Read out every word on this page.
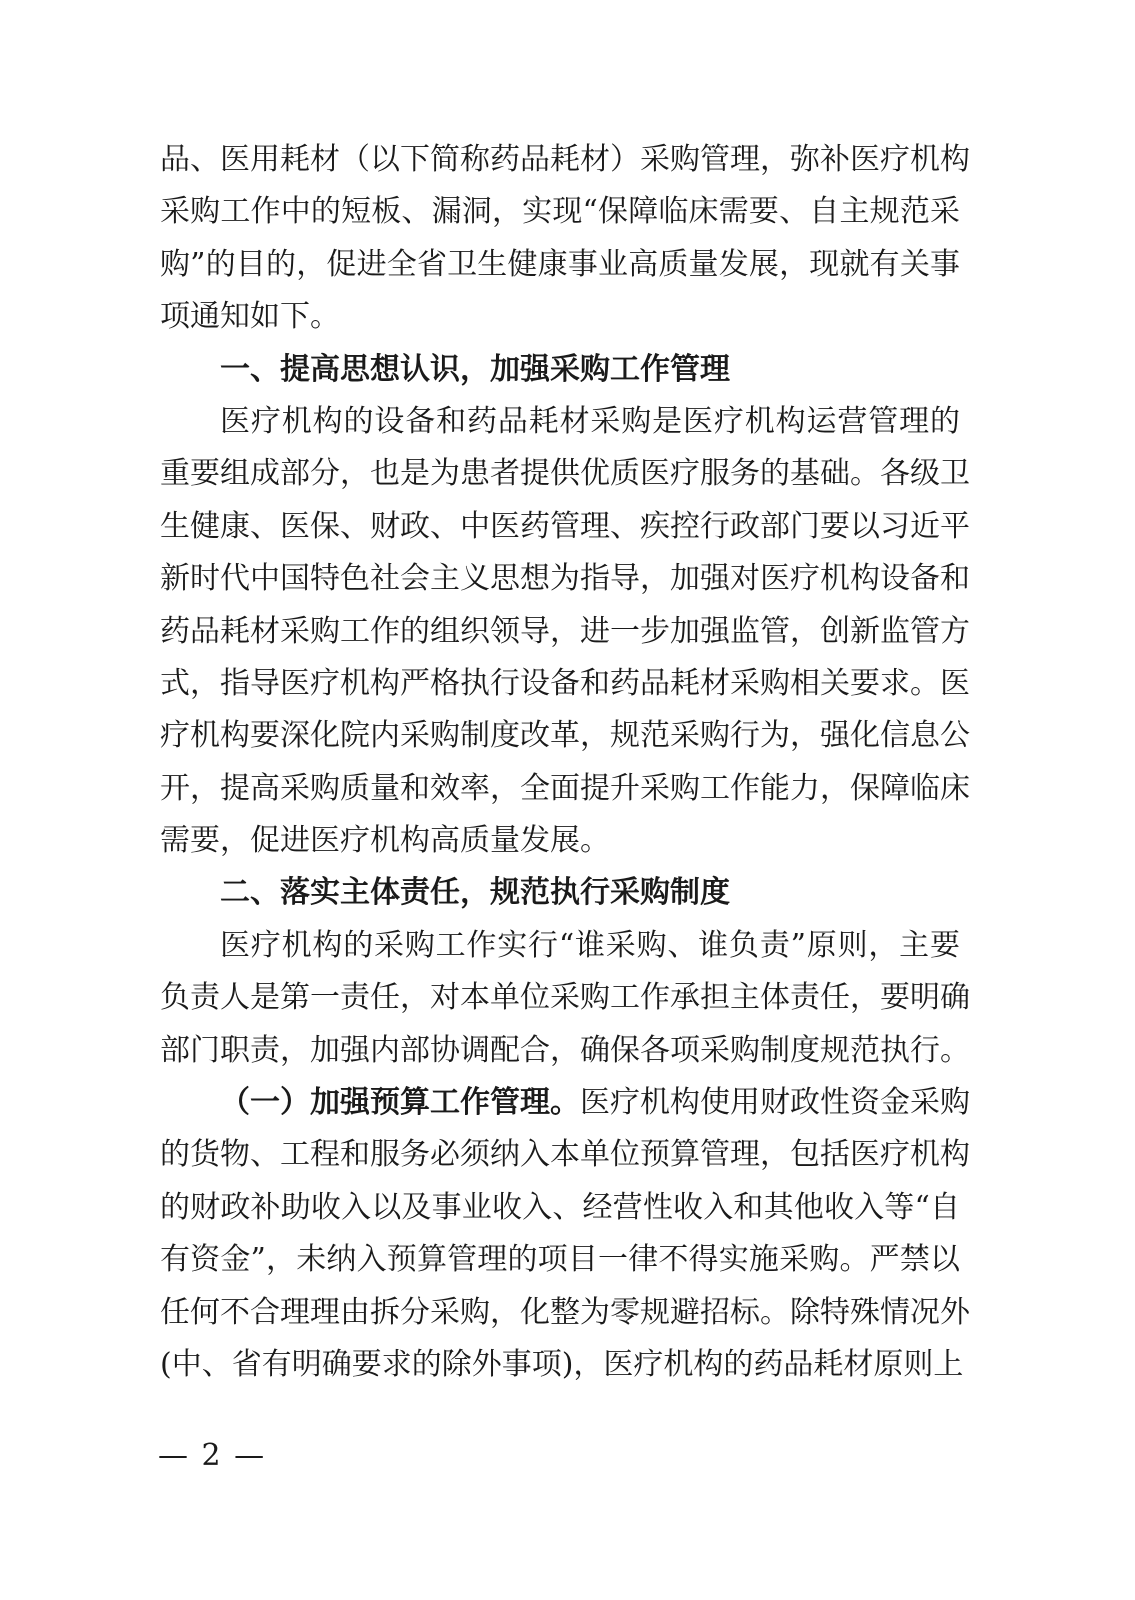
品、医用耗材（以下简称药品耗材）采购管理，弥补医疗机构
采购工作中的短板、漏洞，实现“保障临床需要、自主规范采
购”的目的，促进全省卫生健康事业高质量发展，现就有关事
项通知如下。
一、提高思想认识，加强采购工作管理
医疗机构的设备和药品耗材采购是医疗机构运营管理的
重要组成部分，也是为患者提供优质医疗服务的基础。各级卫
生健康、医保、财政、中医药管理、疾控行政部门要以习近平
新时代中国特色社会主义思想为指导，加强对医疗机构设备和
药品耗材采购工作的组织领导，进一步加强监管，创新监管方
式，指导医疗机构严格执行设备和药品耗材采购相关要求。医
疗机构要深化院内采购制度改革，规范采购行为，强化信息公
开，提高采购质量和效率，全面提升采购工作能力，保障临床
需要，促进医疗机构高质量发展。
二、落实主体责任，规范执行采购制度
医疗机构的采购工作实行“谁采购、谁负责”原则，主要
负责人是第一责任，对本单位采购工作承担主体责任，要明确
部门职责，加强内部协调配合，确保各项采购制度规范执行。
（一）加强预算工作管理。医疗机构使用财政性资金采购
的货物、工程和服务必须纳入本单位预算管理，包括医疗机构
的财政补助收入以及事业收入、经营性收入和其他收入等“自
有资金”，未纳入预算管理的项目一律不得实施采购。严禁以
任何不合理理由拆分采购，化整为零规避招标。除特殊情况外
(中、省有明确要求的除外事项)，医疗机构的药品耗材原则上
— 2 —
